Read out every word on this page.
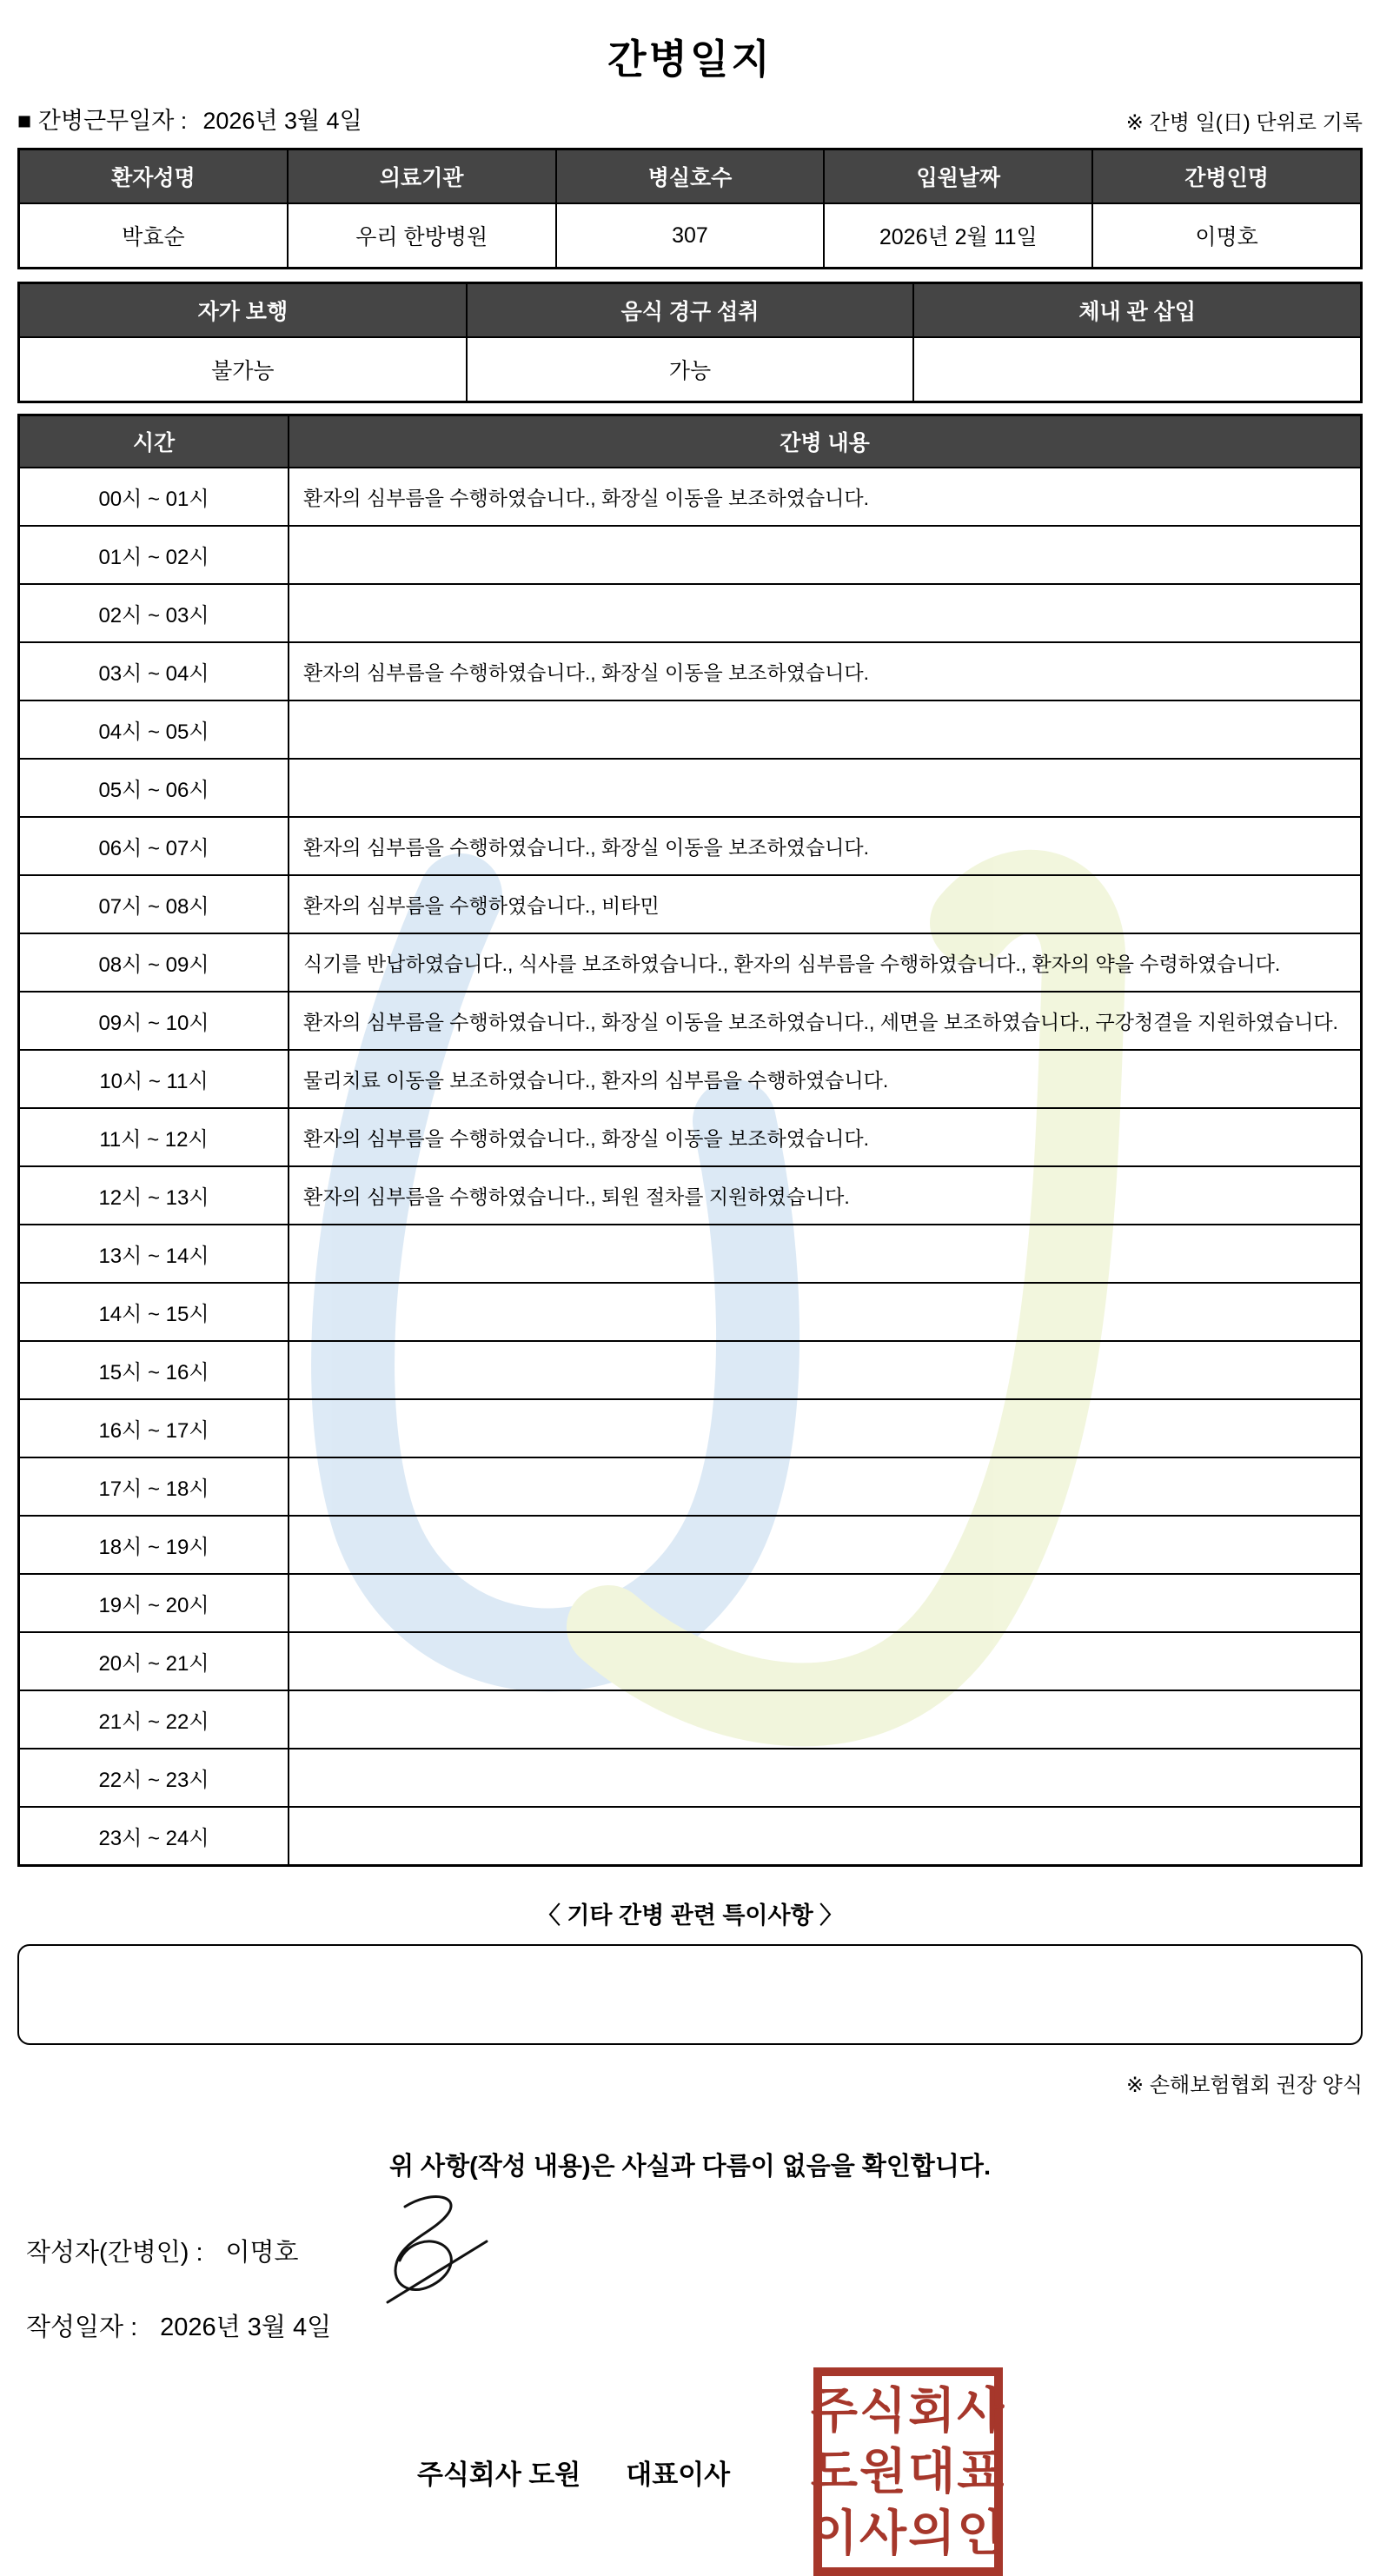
간병일지
■ 간병근무일자 : 2026년 3월 4일	※ 간병 일(日) 단위로 기록
환자성명	의료기관	병실호수	입원날짜	간병인명
박효순	우리 한방병원	307	2026년 2월 11일	이명호
자가 보행	음식 경구 섭취	체내 관 삽입
불가능	가능
시간	간병 내용
00시 ~ 01시	환자의 심부름을 수행하였습니다., 화장실 이동을 보조하였습니다.
01시 ~ 02시
02시 ~ 03시
03시 ~ 04시	환자의 심부름을 수행하였습니다., 화장실 이동을 보조하였습니다.
04시 ~ 05시
05시 ~ 06시
06시 ~ 07시	환자의 심부름을 수행하였습니다., 화장실 이동을 보조하였습니다.
07시 ~ 08시	환자의 심부름을 수행하였습니다., 비타민
08시 ~ 09시	식기를 반납하였습니다., 식사를 보조하였습니다., 환자의 심부름을 수행하였습니다., 환자의 약을 수령하였습니다.
09시 ~ 10시	환자의 심부름을 수행하였습니다., 화장실 이동을 보조하였습니다., 세면을 보조하였습니다., 구강청결을 지원하였습니다.
10시 ~ 11시	물리치료 이동을 보조하였습니다., 환자의 심부름을 수행하였습니다.
11시 ~ 12시	환자의 심부름을 수행하였습니다., 화장실 이동을 보조하였습니다.
12시 ~ 13시	환자의 심부름을 수행하였습니다., 퇴원 절차를 지원하였습니다.
13시 ~ 14시
14시 ~ 15시
15시 ~ 16시
16시 ~ 17시
17시 ~ 18시
18시 ~ 19시
19시 ~ 20시
20시 ~ 21시
21시 ~ 22시
22시 ~ 23시
23시 ~ 24시
〈 기타 간병 관련 특이사항 〉
※ 손해보험협회 권장 양식
위 사항(작성 내용)은 사실과 다름이 없음을 확인합니다.
작성자(간병인) : 이명호
작성일자 : 2026년 3월 4일
주식회사 도원 대표이사
주식회사
도원대표
이사의인
